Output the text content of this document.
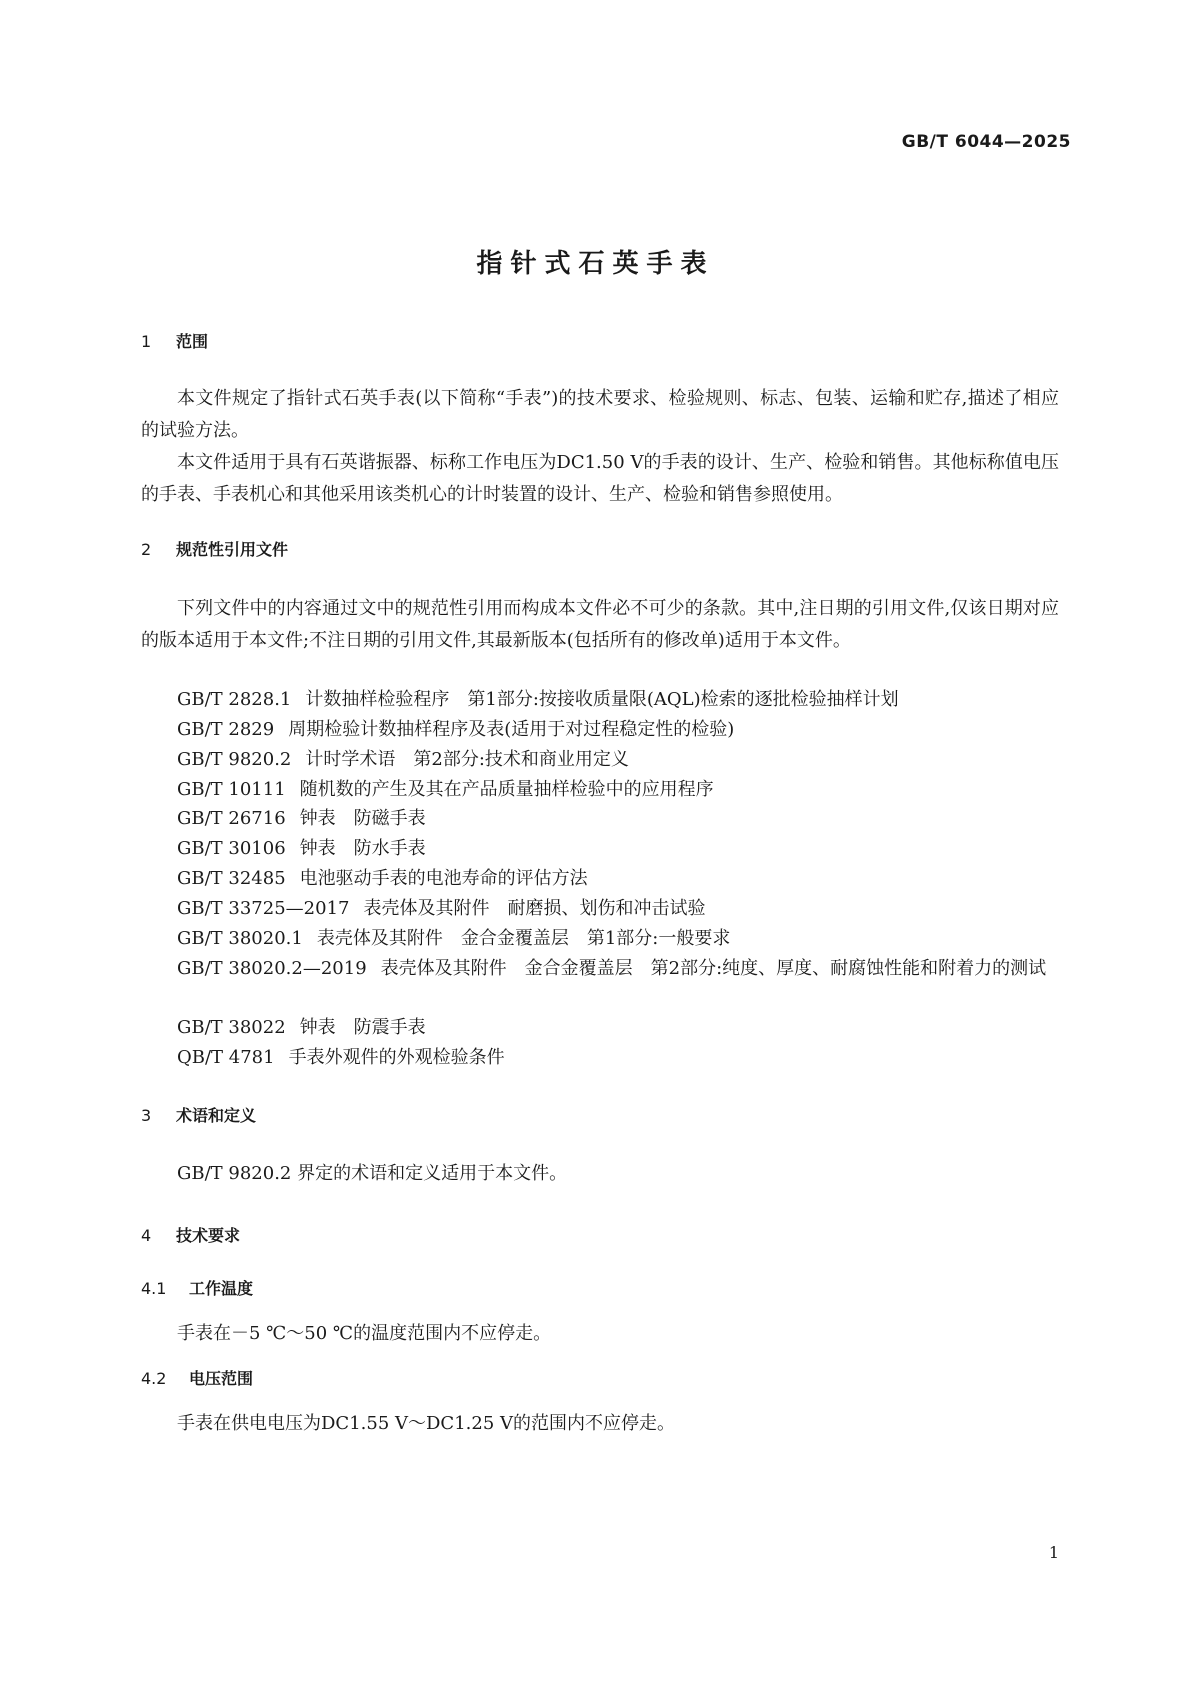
GB/T 6044—2025
指针式石英手表
1 范围
本文件规定了指针式石英手表(以下简称“手表”)的技术要求、检验规则、标志、包装、运输和贮存,描述了相应的试验方法。
本文件适用于具有石英谐振器、标称工作电压为DC1.50 V的手表的设计、生产、检验和销售。其他标称值电压的手表、手表机心和其他采用该类机心的计时装置的设计、生产、检验和销售参照使用。
2 规范性引用文件
下列文件中的内容通过文中的规范性引用而构成本文件必不可少的条款。其中,注日期的引用文件,仅该日期对应的版本适用于本文件;不注日期的引用文件,其最新版本(包括所有的修改单)适用于本文件。
GB/T 2828.1 计数抽样检验程序　第1部分:按接收质量限(AQL)检索的逐批检验抽样计划
GB/T 2829 周期检验计数抽样程序及表(适用于对过程稳定性的检验)
GB/T 9820.2 计时学术语　第2部分:技术和商业用定义
GB/T 10111 随机数的产生及其在产品质量抽样检验中的应用程序
GB/T 26716 钟表　防磁手表
GB/T 30106 钟表　防水手表
GB/T 32485 电池驱动手表的电池寿命的评估方法
GB/T 33725—2017 表壳体及其附件　耐磨损、划伤和冲击试验
GB/T 38020.1 表壳体及其附件　金合金覆盖层　第1部分:一般要求
GB/T 38020.2—2019 表壳体及其附件　金合金覆盖层　第2部分:纯度、厚度、耐腐蚀性能和附着力的测试
GB/T 38022 钟表　防震手表
QB/T 4781 手表外观件的外观检验条件
3 术语和定义
GB/T 9820.2 界定的术语和定义适用于本文件。
4 技术要求
4.1 工作温度
手表在－5 ℃～50 ℃的温度范围内不应停走。
4.2 电压范围
手表在供电电压为DC1.55 V～DC1.25 V的范围内不应停走。
1
